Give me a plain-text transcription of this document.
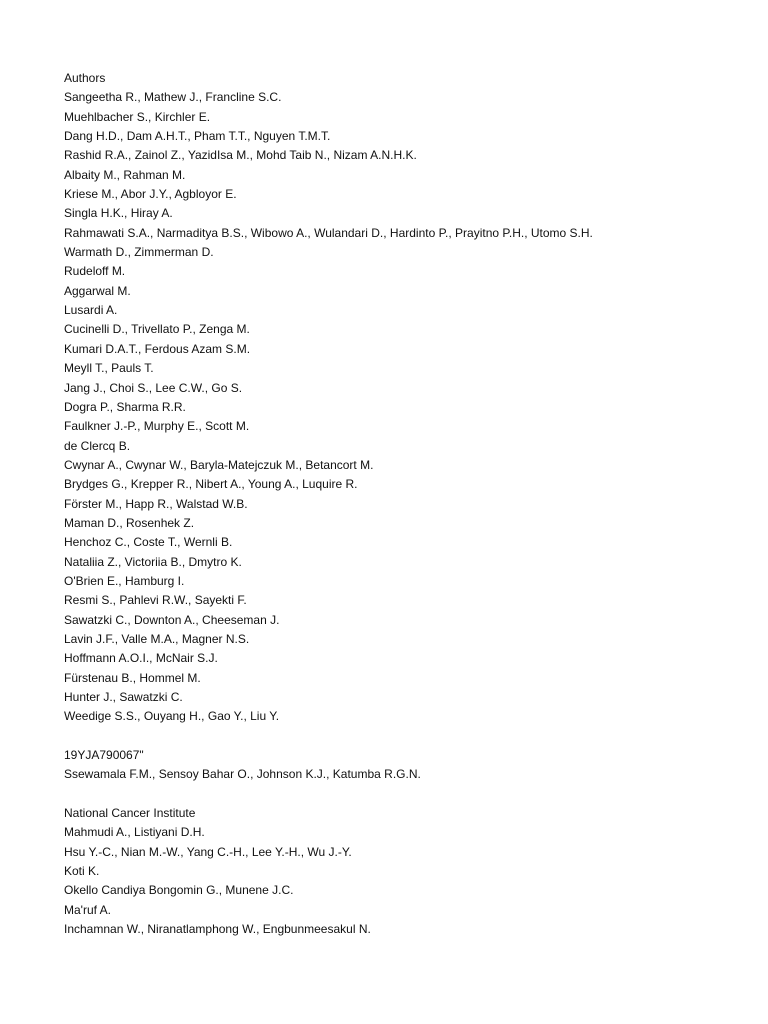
Authors
Sangeetha R., Mathew J., Francline S.C.
Muehlbacher S., Kirchler E.
Dang H.D., Dam A.H.T., Pham T.T., Nguyen T.M.T.
Rashid R.A., Zainol Z., YazidIsa M., Mohd Taib N., Nizam A.N.H.K.
Albaity M., Rahman M.
Kriese M., Abor J.Y., Agbloyor E.
Singla H.K., Hiray A.
Rahmawati S.A., Narmaditya B.S., Wibowo A., Wulandari D., Hardinto P., Prayitno P.H., Utomo S.H.
Warmath D., Zimmerman D.
Rudeloff M.
Aggarwal M.
Lusardi A.
Cucinelli D., Trivellato P., Zenga M.
Kumari D.A.T., Ferdous Azam S.M.
Meyll T., Pauls T.
Jang J., Choi S., Lee C.W., Go S.
Dogra P., Sharma R.R.
Faulkner J.-P., Murphy E., Scott M.
de Clercq B.
Cwynar A., Cwynar W., Baryla-Matejczuk M., Betancort M.
Brydges G., Krepper R., Nibert A., Young A., Luquire R.
Förster M., Happ R., Walstad W.B.
Maman D., Rosenhek Z.
Henchoz C., Coste T., Wernli B.
Nataliia Z., Victoriia B., Dmytro K.
O'Brien E., Hamburg I.
Resmi S., Pahlevi R.W., Sayekti F.
Sawatzki C., Downton A., Cheeseman J.
Lavin J.F., Valle M.A., Magner N.S.
Hoffmann A.O.I., McNair S.J.
Fürstenau B., Hommel M.
Hunter J., Sawatzki C.
Weedige S.S., Ouyang H., Gao Y., Liu Y.
19YJA790067"
Ssewamala F.M., Sensoy Bahar O., Johnson K.J., Katumba R.G.N.
National Cancer Institute
Mahmudi A., Listiyani D.H.
Hsu Y.-C., Nian M.-W., Yang C.-H., Lee Y.-H., Wu J.-Y.
Koti K.
Okello Candiya Bongomin G., Munene J.C.
Ma'ruf A.
Inchamnan W., Niranatlamphong W., Engbunmeesakul N.
